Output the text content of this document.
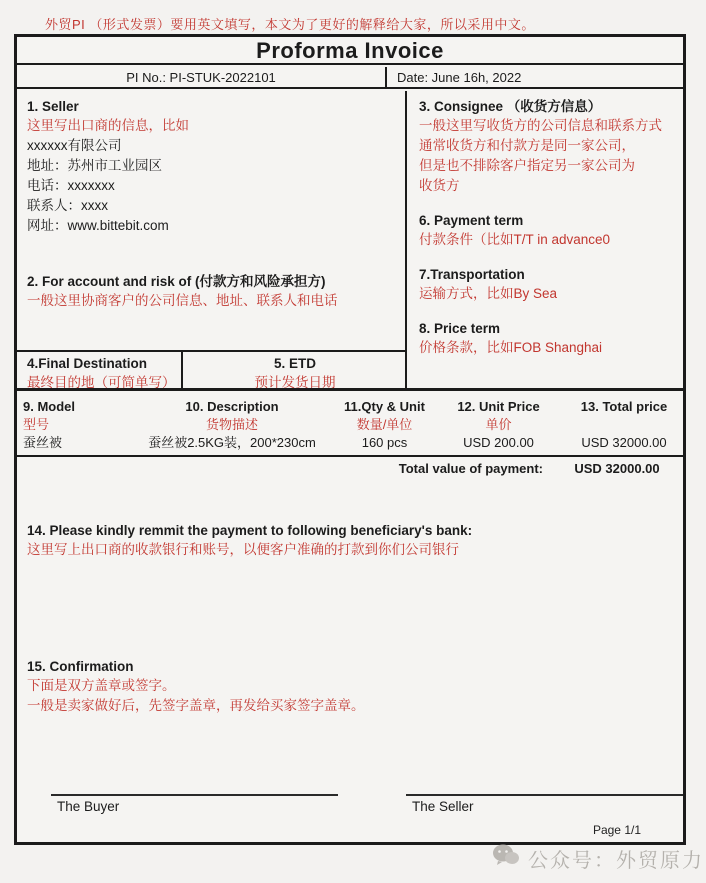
外贸PI （形式发票）要用英文填写，本文为了更好的解释给大家，所以采用中文。
Proforma Invoice
PI No.: PI-STUK-2022101	Date: June 16h, 2022
1. Seller
这里写出口商的信息，比如
xxxxxx有限公司
地址：苏州市工业园区
电话：xxxxxxx
联系人：xxxx
网址：www.bittebit.com
2. For account and risk of (付款方和风险承担方)
一般这里协商客户的公司信息、地址、联系人和电话
4.Final Destination
最终目的地（可简单写）
5. ETD
预计发货日期
3. Consignee （收货方信息）
一般这里写收货方的公司信息和联系方式
通常收货方和付款方是同一家公司，
但是也不排除客户指定另一家公司为
收货方
6. Payment term
付款条件（比如T/T in advance0
7.Transportation
运输方式，比如By Sea
8. Price term
价格条款，比如FOB Shanghai
9. Model	10. Description	11.Qty & Unit	12. Unit Price	13. Total price
型号	货物描述	数量/单位	单价
蚕丝被	蚕丝被2.5KG装，200*230cm	160 pcs	USD 200.00	USD 32000.00
Total value of payment:	USD 32000.00
14. Please kindly remmit the payment to following beneficiary's bank:
这里写上出口商的收款银行和账号，以便客户准确的打款到你们公司银行
15. Confirmation
下面是双方盖章或签字。
一般是卖家做好后，先签字盖章，再发给买家签字盖章。
The Buyer	The Seller
Page 1/1
公众号：外贸原力
